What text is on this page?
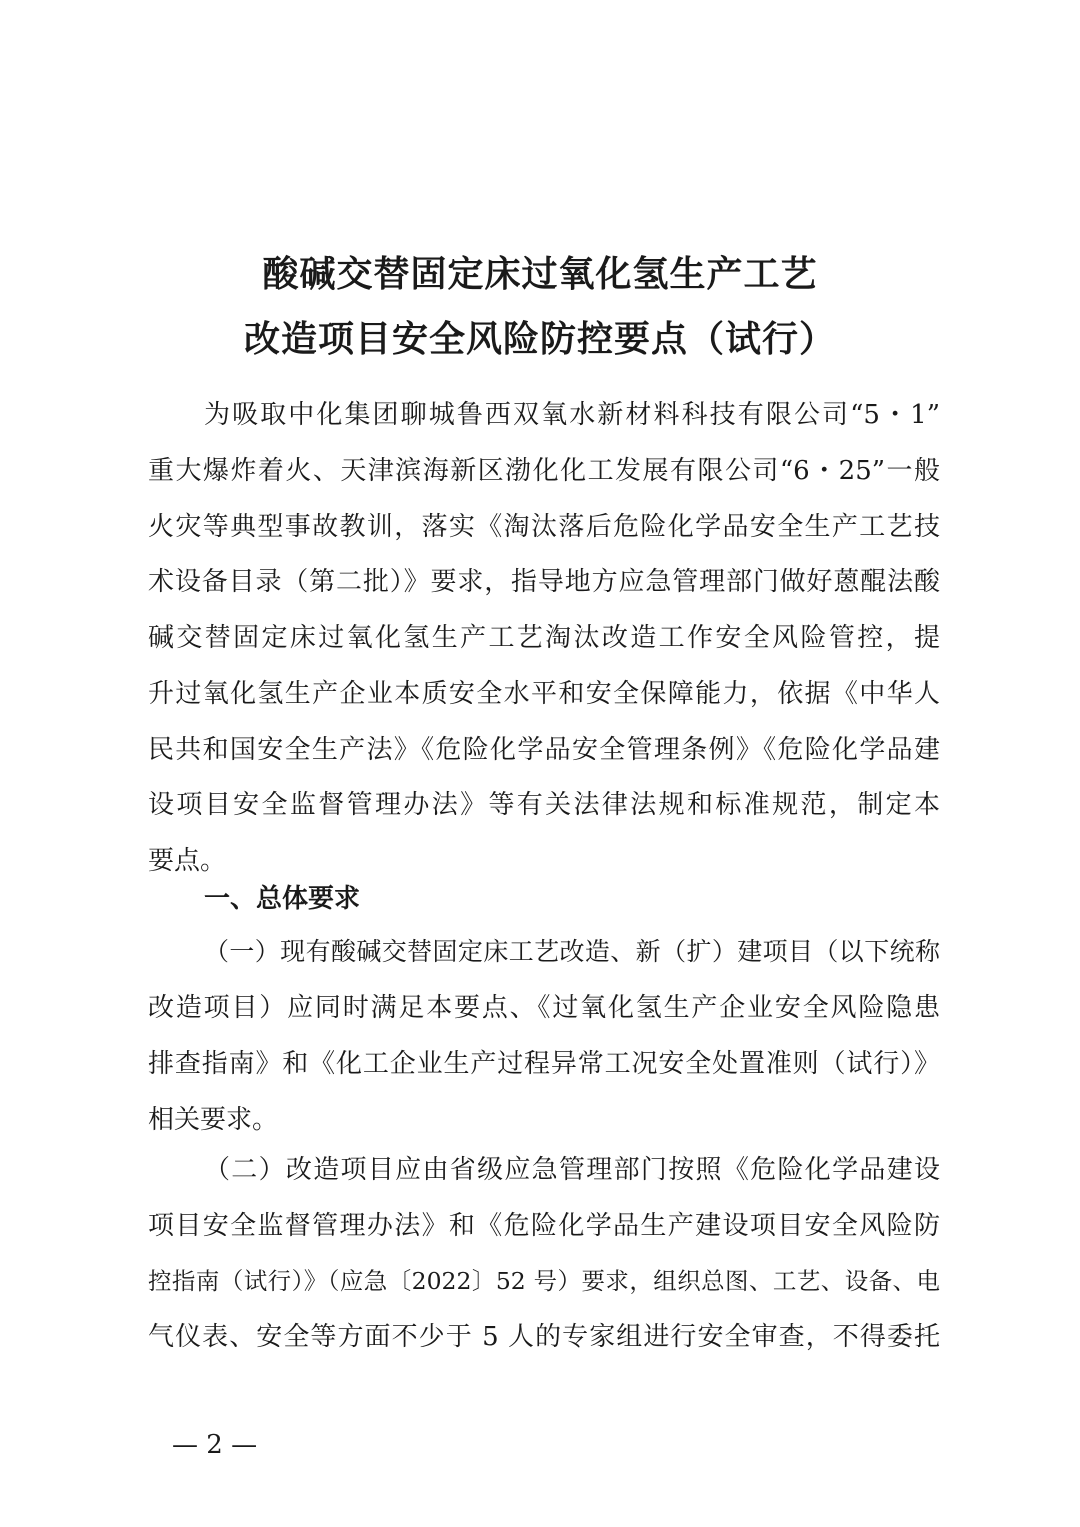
酸碱交替固定床过氧化氢生产工艺
改造项目安全风险防控要点（试行）
为吸取中化集团聊城鲁西双氧水新材料科技有限公司“5・1”
重大爆炸着火、天津滨海新区渤化化工发展有限公司“6・25”一般
火灾等典型事故教训，落实《淘汰落后危险化学品安全生产工艺技
术设备目录（第二批）》要求，指导地方应急管理部门做好蒽醌法酸
碱交替固定床过氧化氢生产工艺淘汰改造工作安全风险管控，提
升过氧化氢生产企业本质安全水平和安全保障能力，依据《中华人
民共和国安全生产法》《危险化学品安全管理条例》《危险化学品建
设项目安全监督管理办法》等有关法律法规和标准规范，制定本
要点。
一、总体要求
（一）现有酸碱交替固定床工艺改造、新（扩）建项目（以下统称
改造项目）应同时满足本要点、《过氧化氢生产企业安全风险隐患
排查指南》和《化工企业生产过程异常工况安全处置准则（试行）》
相关要求。
（二）改造项目应由省级应急管理部门按照《危险化学品建设
项目安全监督管理办法》和《危险化学品生产建设项目安全风险防
控指南（试行）》（应急〔2022〕52 号）要求，组织总图、工艺、设备、电
气仪表、安全等方面不少于 5 人的专家组进行安全审查，不得委托
— 2 —
